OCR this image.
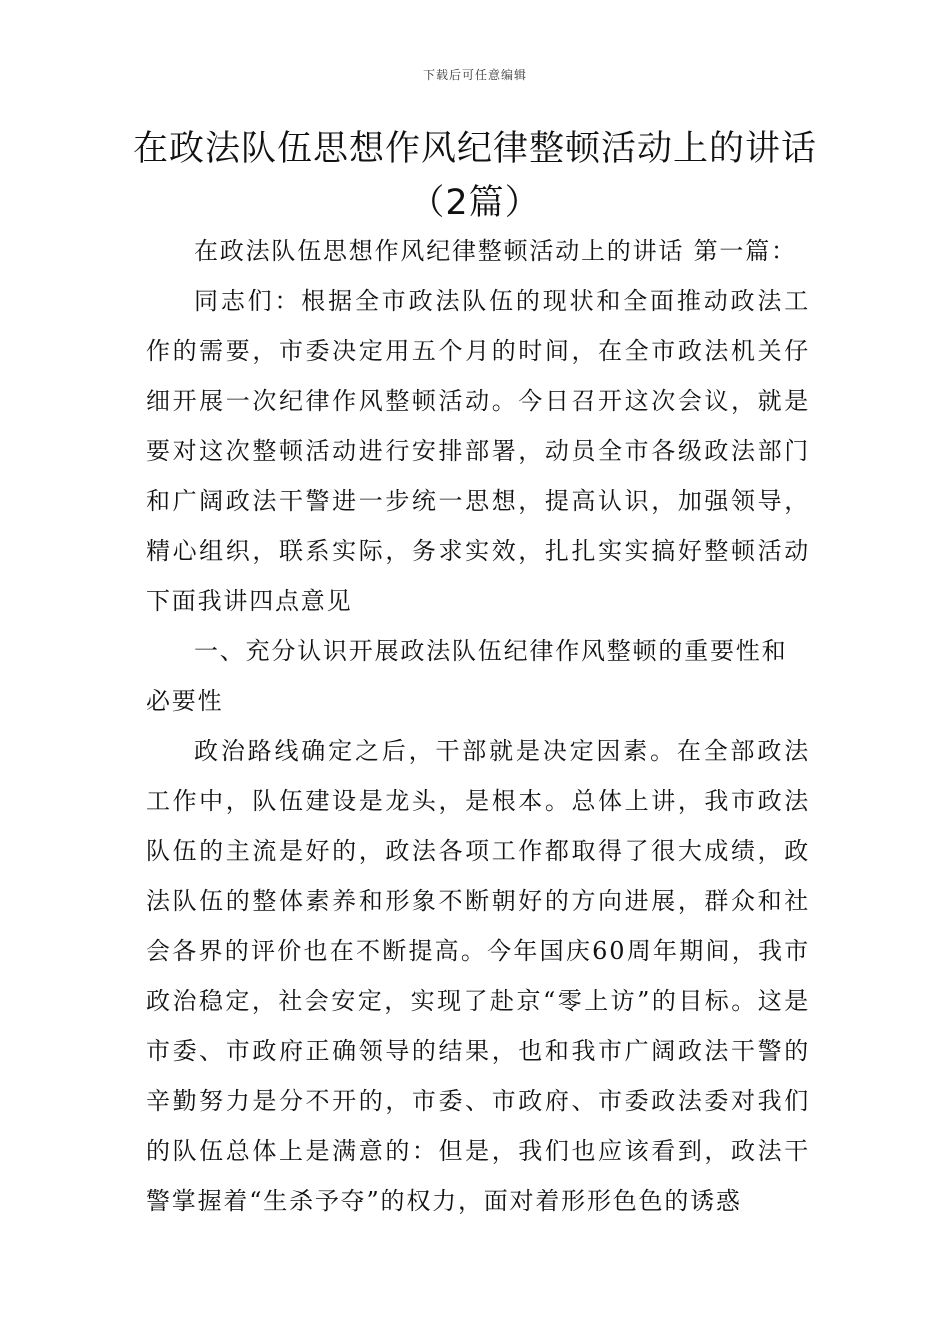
下载后可任意编辑
在政法队伍思想作风纪律整顿活动上的讲话（2篇）

在政法队伍思想作风纪律整顿活动上的讲话 第一篇：

同志们：根据全市政法队伍的现状和全面推动政法工作的需要，市委决定用五个月的时间，在全市政法机关仔细开展一次纪律作风整顿活动。今日召开这次会议，就是要对这次整顿活动进行安排部署，动员全市各级政法部门和广阔政法干警进一步统一思想，提高认识，加强领导，精心组织，联系实际，务求实效，扎扎实实搞好整顿活动下面我讲四点意见

一、充分认识开展政法队伍纪律作风整顿的重要性和必要性

政治路线确定之后，干部就是决定因素。在全部政法工作中，队伍建设是龙头，是根本。总体上讲，我市政法队伍的主流是好的，政法各项工作都取得了很大成绩，政法队伍的整体素养和形象不断朝好的方向进展，群众和社会各界的评价也在不断提高。今年国庆60周年期间，我市政治稳定，社会安定，实现了赴京“零上访”的目标。这是市委、市政府正确领导的结果，也和我市广阔政法干警的辛勤努力是分不开的，市委、市政府、市委政法委对我们的队伍总体上是满意的：但是，我们也应该看到，政法干警掌握着“生杀予夺”的权力，面对着形形色色的诱惑
